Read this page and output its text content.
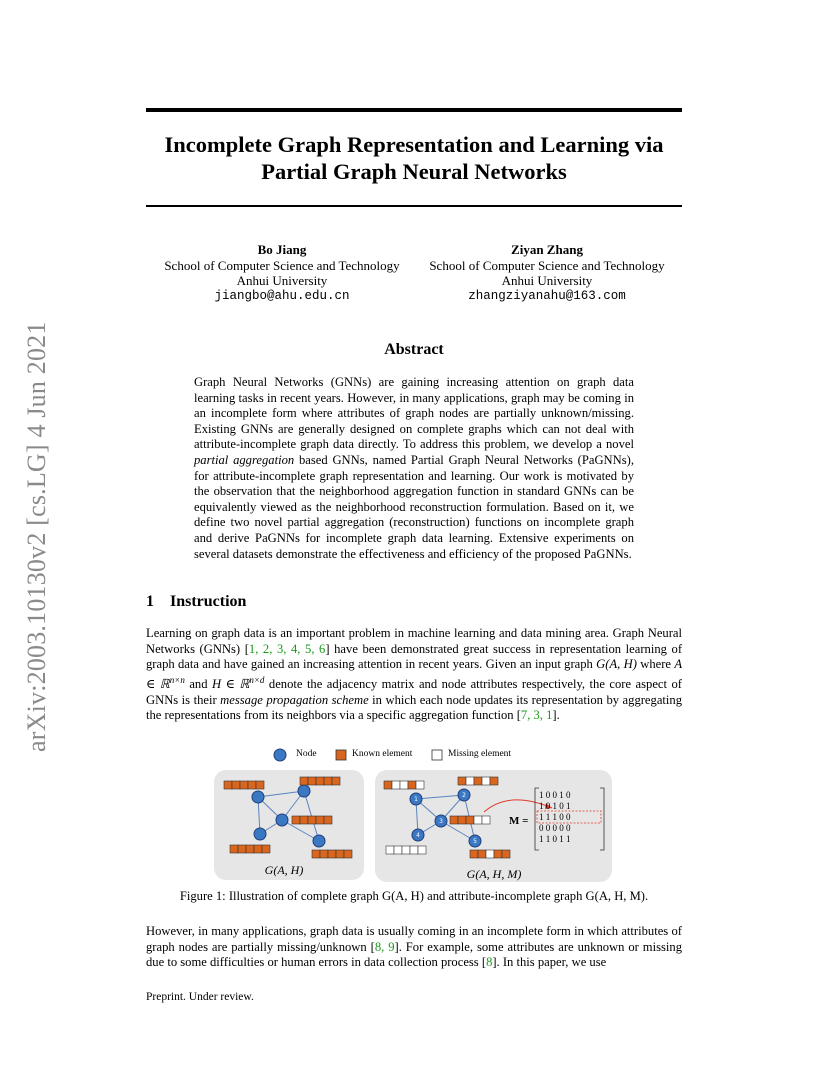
arXiv:2003.10130v2 [cs.LG] 4 Jun 2021
Incomplete Graph Representation and Learning via
Partial Graph Neural Networks
Bo Jiang
School of Computer Science and Technology
Anhui University
jiangbo@ahu.edu.cn
Ziyan Zhang
School of Computer Science and Technology
Anhui University
zhangziyanahu@163.com
Abstract
Graph Neural Networks (GNNs) are gaining increasing attention on graph data learning tasks in recent years. However, in many applications, graph may be coming in an incomplete form where attributes of graph nodes are partially unknown/missing. Existing GNNs are generally designed on complete graphs which can not deal with attribute-incomplete graph data directly. To address this problem, we develop a novel partial aggregation based GNNs, named Partial Graph Neural Networks (PaGNNs), for attribute-incomplete graph representation and learning. Our work is motivated by the observation that the neighborhood aggregation function in standard GNNs can be equivalently viewed as the neighborhood reconstruction formulation. Based on it, we define two novel partial aggregation (reconstruction) functions on incomplete graph and derive PaGNNs for incomplete graph data learning. Extensive experiments on several datasets demonstrate the effectiveness and efficiency of the proposed PaGNNs.
1 Instruction
Learning on graph data is an important problem in machine learning and data mining area. Graph Neural Networks (GNNs) [1, 2, 3, 4, 5, 6] have been demonstrated great success in representation learning of graph data and have gained an increasing attention in recent years. Given an input graph G(A, H) where A ∈ ℝ$^{n\times n}$ and H ∈ ℝ$^{n\times d}$ denote the adjacency matrix and node attributes respectively, the core aspect of GNNs is their message propagation scheme in which each node updates its representation by aggregating the representations from its neighbors via a specific aggregation function [7, 3, 1].
Node	Known element	Missing element
1
2
3
4
5
M =
1 0 0 1 0
1 0 1 0 1
1 1 1 0 0
0 0 0 0 0
1 1 0 1 1
G(A, H)	G(A, H, M)
Figure 1: Illustration of complete graph G(A, H) and attribute-incomplete graph G(A, H, M).
However, in many applications, graph data is usually coming in an incomplete form in which attributes of graph nodes are partially missing/unknown [8, 9]. For example, some attributes are unknown or missing due to some difficulties or human errors in data collection process [8]. In this paper, we use
Preprint. Under review.
